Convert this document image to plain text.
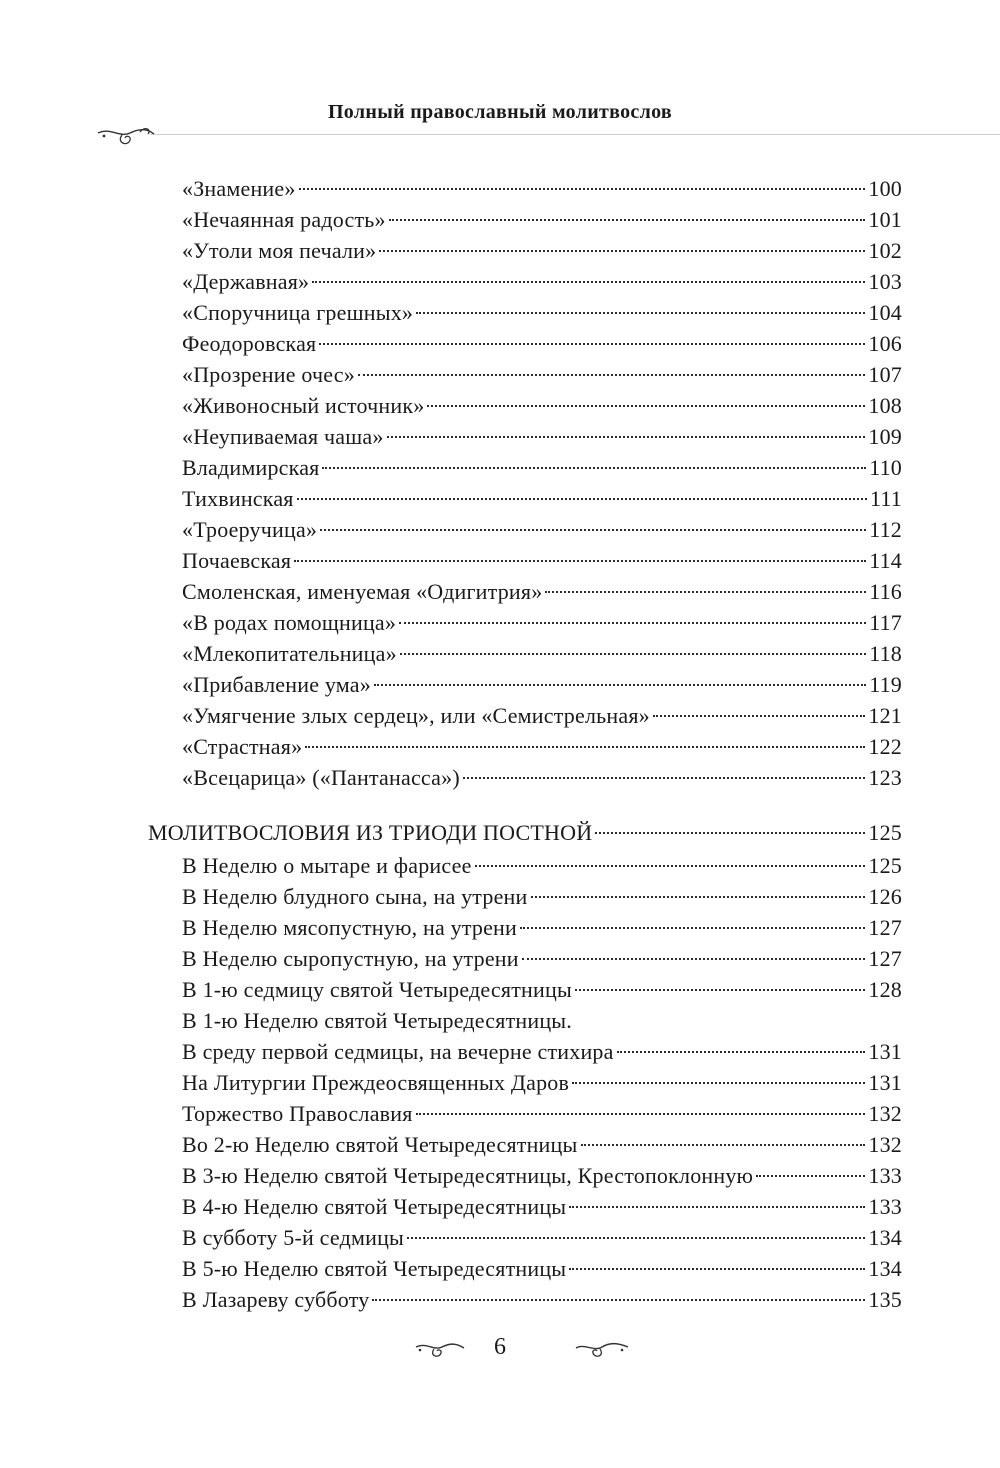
Полный православный молитвослов
«Знамение»	100
«Нечаянная радость»	101
«Утоли моя печали»	102
«Державная»	103
«Споручница грешных»	104
Феодоровская	106
«Прозрение очес»	107
«Живоносный источник»	108
«Неупиваемая чаша»	109
Владимирская	110
Тихвинская	111
«Троеручица»	112
Почаевская	114
Смоленская, именуемая «Одигитрия»	116
«В родах помощница»	117
«Млекопитательница»	118
«Прибавление ума»	119
«Умягчение злых сердец», или «Семистрельная»	121
«Страстная»	122
«Всецарица» («Пантанасса»)	123
МОЛИТВОСЛОВИЯ ИЗ ТРИОДИ ПОСТНОЙ	125
В Неделю о мытаре и фарисее	125
В Неделю блудного сына, на утрени	126
В Неделю мясопустную, на утрени	127
В Неделю сыропустную, на утрени	127
В 1-ю седмицу святой Четыредесятницы	128
В 1-ю Неделю святой Четыредесятницы.
В среду первой седмицы, на вечерне стихира	131
На Литургии Преждеосвященных Даров	131
Торжество Православия	132
Во 2-ю Неделю святой Четыредесятницы	132
В 3-ю Неделю святой Четыредесятницы, Крестопоклонную	133
В 4-ю Неделю святой Четыредесятницы	133
В субботу 5-й седмицы	134
В 5-ю Неделю святой Четыредесятницы	134
В Лазареву субботу	135
6
